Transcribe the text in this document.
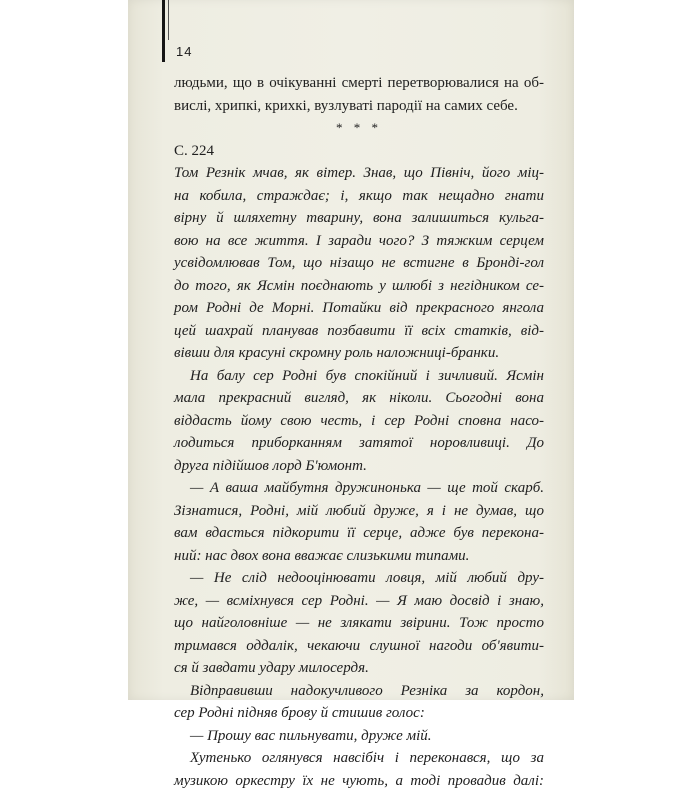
14
людьми, що в очікуванні смерті перетворювалися на об-
вислі, хрипкі, крихкі, вузлуваті пародії на самих себе.
* * *
С. 224
Том Резнік мчав, як вітер. Знав, що Північ, його міц-
на кобила, страждає; і, якщо так нещадно гнати
вірну й шляхетну тварину, вона залишиться кульга-
вою на все життя. І заради чого? З тяжким серцем
усвідомлював Том, що нізащо не встигне в Бронді-гол
до того, як Ясмін поєднають у шлюбі з негідником се-
ром Родні де Морні. Потайки від прекрасного янгола
цей шахрай планував позбавити її всіх статків, від-
вівши для красуні скромну роль наложниці-бранки.
На балу сер Родні був спокійний і зичливий. Ясмін
мала прекрасний вигляд, як ніколи. Сьогодні вона
віддасть йому свою честь, і сер Родні сповна насо-
лодиться приборканням затятої норовливиці. До
друга підійшов лорд Б'юмонт.
— А ваша майбутня дружинонька — ще той скарб.
Зізнатися, Родні, мій любий друже, я і не думав, що
вам вдасться підкорити її серце, адже був перекона-
ний: нас двох вона вважає слизькими типами.
— Не слід недооцінювати ловця, мій любий дру-
же, — всміхнувся сер Родні. — Я маю досвід і знаю,
що найголовніше — не злякати звірини. Тож просто
тримався оддалік, чекаючи слушної нагоди об'явити-
ся й завдати удару милосердя.
Відправивши надокучливого Резніка за кордон,
сер Родні підняв брову й стишив голос:
— Прошу вас пильнувати, друже мій.
Хутенько оглянувся навсібіч і переконався, що за
музикою оркестру їх не чують, а тоді провадив далі:
